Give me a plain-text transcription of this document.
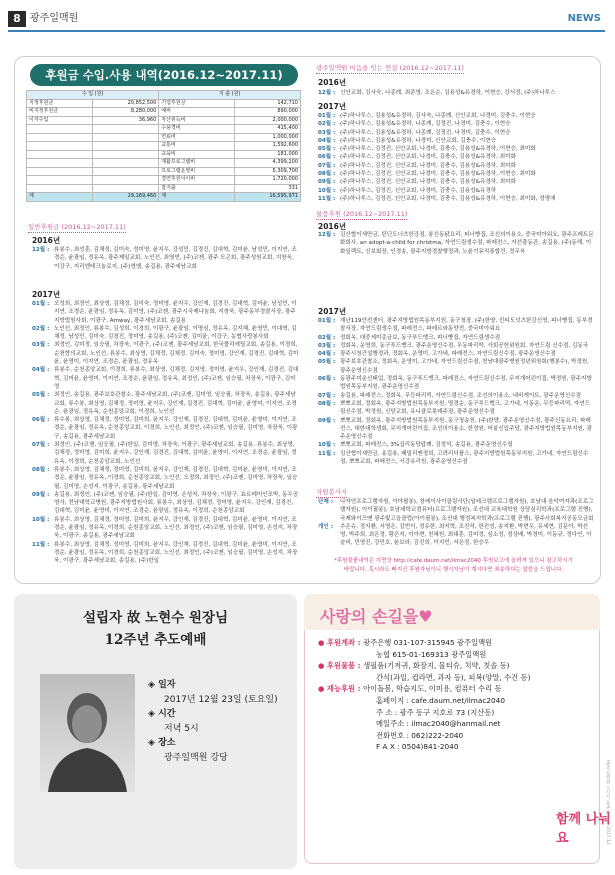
8 광주일맥원	NEWS
후원금 수입.사용 내역(2016.12~2017.11)
수 입 (원)		지 출 (원)	
지정후원금	20,852,500	기업후원금	142,710
비지정후원금	8,280,000	예비	890,000
이자수입	36,960	자산취득비	2,000,000
		수용경비	415,400
		연료비	1,000,000
		교통비	1,592,600
		교육비	181,000
		재활프로그램비	4,399,100
		프로그램운영비	5,309,700
		결연후원이이비	1,720,000
		잡지출	331
계	29,169,460	계	16,595,971
일반후원금 (2016.12~2017.11)
2016년
12월 : 류봉수, 최성훈, 김채정, 김미숙, 정미영, 윤지우, 강성민, 김경진, 김대혁, 김미윤, 남성민, 이지연, 조경순, 윤광임, 정유옥, 광주제일교회, 노인선, 최영빈, (주)코젠, 광주 모곤회, 광주성원교회, 지창욱, 이강구, 지리엔테크놀로지, (주)영엠, 송길용, 광주세남교회
2017년
01월 : 오성희, 최정인, 최상영, 김채정, 김미숙, 정미영, 윤지우, 강인재, 김경진, 김대혁, 김미윤, 남성민, 이지연, 조경순, 윤광임, 정유옥, 김미영, (주)코젠, 광주시국제나눔회, 지창욱, 광주동부경찰서장, 광주지방법원사회, 이광구, Amway, 광주세남교회, 송길용
02월 : 노인선, 최정인, 류봉수, 김성희, 이경희, 이광구, 윤광임, 이명심, 정유옥, 김지혜, 윤영민, 이대혁, 김채정, 남성민, 김미숙, 김경진, 정미영, 송길용, (주)코젠, 김미윤, 이강구, 농협사랑봉사회
03월 : 최정인, 김미정, 임승필, 차장욱, 이광구, (주)코젠, 광주세남교회, 한국폴리에틸교회, 송길용, 이경희, 순천향의교회, 노인선, 류봉수, 최상영, 김채정, 김채정, 김미숙, 정미영, 강인재, 김경진, 김대혁, 김미윤, 윤영미, 이지연, 조경순, 윤광임, 정유옥
04월 : 류봉수, 순천종앙교회, 이경희, 류봉수, 최상영, 김채정, 김지영, 정미영, 윤지우, 강인재, 김경진, 김대혁, 김미윤, 윤영미, 이지연, 조경순, 윤광임, 정유옥, 최정인, (주)코젠, 임승필, 차장욱, 이광구, 김미영
05월 : 최정인, 송길용, 광주보호관찰소, 광주세남교회, (주)코젠, 김미영, 임승필, 차장욱, 송길용, 광주세남교회, 류수봉, 최상영, 김채정, 정미영, 윤지우, 강인재, 김경진, 김대혁, 김미윤, 윤영미, 이지연, 조경순, 윤광임, 정유옥, 순천종앙교회, 이경희, 노인선
06월 : 류수봉, 최상영, 김채정, 정미영, 김미희, 윤지우, 강인재, 김경진, 김대혁, 김미윤, 윤영미, 이지연, 조경순, 윤광임, 정유옥, 순천종앙교회, 이경희, 노인선, 최정인, (주)코젠, 임승필, 김미영, 차장욱, 이광구, 송길용, 광주세남교회
07월 : 최정인, (주)코젠, 임승필, (주)한일, 김미영, 차장욱, 이광구, 광주세남교회, 송길용, 류봉수, 최상영, 김채정, 정미영, 김미희, 윤지우, 강인재, 김경진, 김대혁, 김미윤, 윤영미, 이지연, 조경순, 윤광임, 정유옥, 이경희, 순천종앙교회, 노인선
08월 : 류봉수, 최상영, 김채정, 정미영, 김미희, 윤지우, 강인재, 김경진, 김대혁, 김미윤, 윤영미, 이지연, 조경순, 윤광임, 정유옥, 이경희, 순천종앙교회, 노인선, 오정희, 최정인, (주)코젠, 김미영, 차장욱, 임승필, 김미영, 손성지, 이광구, 송길용, 광주세남교회
09월 : 송길용, 최정인, (주)코젠, 임승필, (주)한일, 김미영, 손성지, 차장욱, 이광구, 효르테미인포박, 동우공영사, 전남대학교병원, 광주지방법원사회, 류봉수, 최상영, 김채정, 정미영, 윤지우, 강인재, 김경진, 김대혁, 김미윤, 윤영미, 이지연, 조경순, 윤광임, 정유옥, 이경희, 순천종앙교회
10월 : 류봉수, 최상영, 김채정, 정미영, 김미희, 윤지우, 강인재, 김경진, 김대혁, 김미윤, 윤영미, 이지연, 조경순, 윤광임, 정유옥, 이경희, 순천종앙교회, 노인선, 최정인, (주)코젠, 임승필, 김미영, 손성지, 차장욱, 이광구, 송길용, 광주세남교회
11월 : 류봉수, 최상영, 김채정, 정미영, 김미희, 윤지우, 강인재, 김경진, 김대혁, 김미윤, 윤영미, 이지연, 조경순, 윤광임, 정유옥, 이경희, 순천종앙교회, 노인선, 최정인, (주)코젠, 임승필, 김미영, 손성지, 차장욱, 이광구, 광주세남교회, 송길용, (주)한일
광주일맥원 마음을 잇는 연결 (2016.12~2017.11)
2016년
12월 : 신안교회, 김사숙, 나종례, 최준영, 조은순, 김용성&유경하, 이현승, 강서정, (주)하나투스
2017년
01월 : (주)하나투스, 김용성&유경하, 김사숙, 나종례, 신안교회, 나경미, 김충수, 이현승
02월 : (주)하나투스, 김용성&유경하, 나종례, 김정진, 나경미, 김충수, 이현승
03월 : (주)하나투스, 김용성&유경하, 나종례, 김정진, 나경미, 김충수, 이현승
04월 : (주)하나투스, 김용성&유경하, 나경미, 신안교회, 김충수, 이현승
05월 : (주)하나투스, 김정진, 신안교회, 나경미, 김충수, 김용성&유경하, 이현승, 최미화
06월 : (주)하나투스, 김정진, 신안교회, 나경미, 김충수, 김용성&유경하, 최미화
07월 : (주)하나투스, 김정진, 신안교회, 나경미, 김충수, 김용성&유경하, 최미화
08월 : (주)하나투스, 김정진, 신안교회, 나경미, 김충수, 김용성&유경하, 이현승, 최미화
09월 : (주)하나투스, 김정진, 신안교회, 나경미, 김충수, 김용성&유경하, 최미화
10월 : (주)하나투스, 김정진, 신안교회, 나경미, 김충수, 김용성&유경하
11월 : (주)하나투스, 김정진, 신안교회, 나경미, 김충수, 김용성&유경하, 이현승, 최미화, 정명애
물품후원 (2016.12~2017.11)
2016년
12월 : 김산협이새만금, 틴딘도너츠한강점, 봉선동닭요리, 피너빵집, 조선의이용소, 중국미아워요, 광주프레트문화회사, an adopt-a-child for christma, 자연드림생수점, 파레전스, 자선출동관, 송길용, (주)동해, 이화일렉트, 신보회장, 인경송, 광주지방경찰행정과, 노윤기뮤직퐁합건, 정무욱
2017년
01월 : 재난119안전센터, 광주지방법원목동부지원, 동구청장, (주)한양, 킨티도넛츠한강신영, 피너빵집, 동부경찰서장, 자연드림생수점, 파레전스, 파레르와동양전, 중국미아워요
02월 : 정회옥, 대중세미종금보, 동구푸드뱅크, 피너빵집, 자연드림생수점
03월 : 정회옥, 운영희, 동구푸드뱅크, 광주운영신수점, 무동파리떡, 사회공헌위원회, 자연드림 신수점, 김동국
04월 : 광주시청건설행정과, 정회옥, 운영미, 고가네, 파레전스, 자연드림신수점, 광주운영신수점
05월 : 광주보호관찰소, 정회옥, 운영미, 고가네, 자연드림신수점, 천남대광주병원정년위원회(행봉수), 박정원, 광주운영신수점
06월 : 동광주미운신태업, 정회옥, 동구푸드뱅크, 파레전스, 자연드림신수점, 무지개어린이집, 박정원, 광주지방법원목동부지원, 광주운영신수점
07월 : 송길용, 파레전스, 정회옥, 무등파리떡, 자연드림신수점, 조선의이용소, 내비게이트, 광주운영신수점
08월 : 뽀뽀교회, 정회옥, 광주지방법원목동부지원, 명경순, 동구푸드뱅크, 고가네, 이동운, 무등파리떡, 자연드림신수점, 박정원, 신당교회, 유니클로롯데주점, 광주운영신수점
09월 : 뽀뽀교회, 정회옥, 광주지방법원목동부지원, 동구청송천, (주)한양, 광주운영신수점, 광주신동요리, 파레전스, 대한대학생회, 무지개어린이집, 조선의이용소, 한정원, 어울신입주당, 광주지방법원목동부지원, 광주운영신수점
10월 : 뽀뽀교회, 파레전스, 3%십리동당답례, 김정석, 송길용, 광주운영신수점
11월 : 김산협이새만금, 송길용, 패밀리맨정희, 고려리더플스, 광주지방법원목동부지원, 고가네, 자연드림신수점, 뽀뽀교회, 파레전스, 서강유리원, 광주운영신수점
자원봉사자
단체 :	나자연프로그램자원, 이야필봉), 창레이사이클링사단(일레크램프로그램자원), 호남대 음악여자과(프로그램자원), 아이필봉), 호남대학교컴퓨터(프로그램자원), 조선대 교육대학원 상담심리학과(프로그램 진행), 국제와이즈맨 광주빛고을클럽(아이필봉), 조선대 행정복지학과(프로그램 진행), 광주사회복지공동모금회
개인 :	추은슈, 정지환, 서영은, 김빈이, 정유한, 최지혁, 조진석, 한진성, 송지환, 박현우, 유세현, 김문아, 박선영, 박주희, 최은정, 황은지, 이아현, 천혜원, 최대훈, 김미정, 심소정, 정상배, 박경미, 이동규, 정다인, 이슬비, 민영진, 강민호, 윤보라, 김진희, 이지민, 서은정, 한승우
*후원물품내역은 지면상 http://cafe.daum.net/ilmac2040 후원보고에 올려져 있으니 참고하시기
바랍니다. 혹시라도 빠지신 후원자님이니 행시자님이 계시다면 죄송하다는 말씀을 드립니다.
설립자 故 노현수 원장님
12주년 추도예배
◈ 일자
2017년 12월 23일 (토요일)
◈ 시간
저녁 5시
◈ 장소
광주일맥원 강당
사랑의 손길을♥
● 후원계좌 : 광주은행 031-107-315945 광주일맥원
농협 615-01-169313 광주일맥원
● 후원물품 : 생필품(기저귀, 화장지, 물티슈, 치약, 칫솔 등)
간식(과일, 컵라면, 과자 등), 피복(양말, 수건 등)
● 재능후원 : 아이돌봄, 학습지도, 이미용, 컴퓨터 수리 등
홈페이지 : cafe.daum.net/ilmac2040
주 소 : 광주 동구 지호로 73 (지산동)
메일주소 : ilmac2040@hanmail.net
전화번호 : 062)222-2040
F A X : 0504)841-2040
함께 나눠요	(광주일맥원 소식지 통권 제0호) 2017.12
